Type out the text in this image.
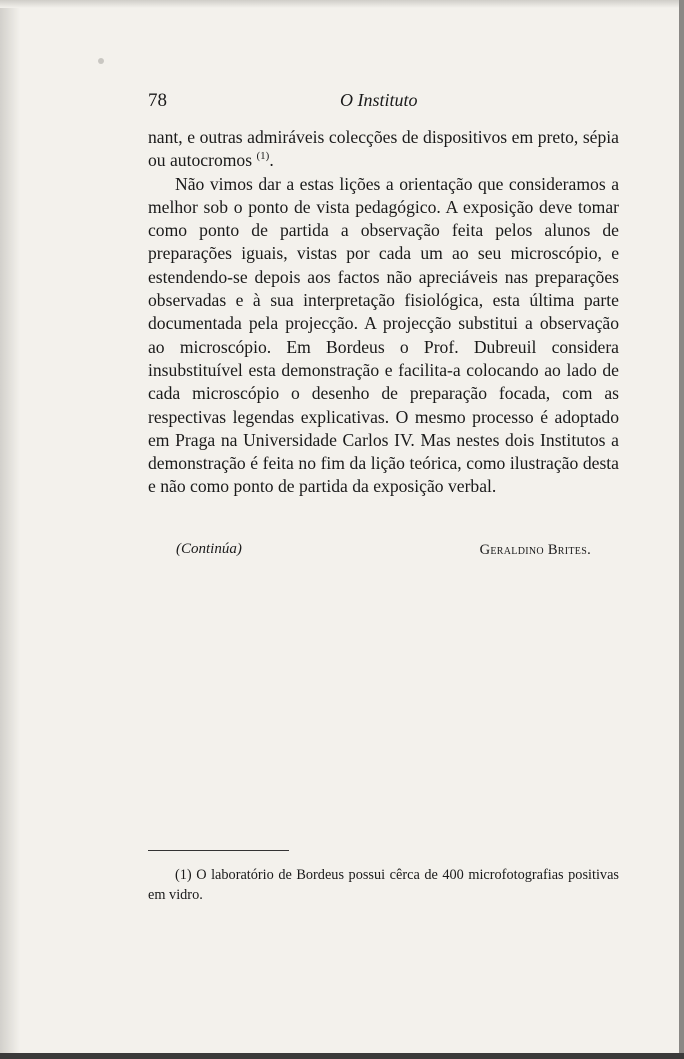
78	O Instituto

nant, e outras admiráveis colecções de dispositivos em preto, sépia ou autocromos $^{(1)}$.

Não vimos dar a estas lições a orientação que consideramos a melhor sob o ponto de vista pedagógico. A exposição deve tomar como ponto de partida a observação feita pelos alunos de preparações iguais, vistas por cada um ao seu microscópio, e estendendo-se depois aos factos não apreciáveis nas preparações observadas e à sua interpretação fisiológica, esta última parte documentada pela projecção. A projecção substitui a observação ao microscópio. Em Bordeus o Prof. Dubreuil considera insubstituível esta demonstração e facilita-a colocando ao lado de cada microscópio o desenho de preparação focada, com as respectivas legendas explicativas. O mesmo processo é adoptado em Praga na Universidade Carlos IV. Mas nestes dois Institutos a demonstração é feita no fim da lição teórica, como ilustração desta e não como ponto de partida da exposição verbal.

(Continúa)	Geraldino Brites.

(1) O laboratório de Bordeus possui cêrca de 400 microfotografias positivas em vidro.
